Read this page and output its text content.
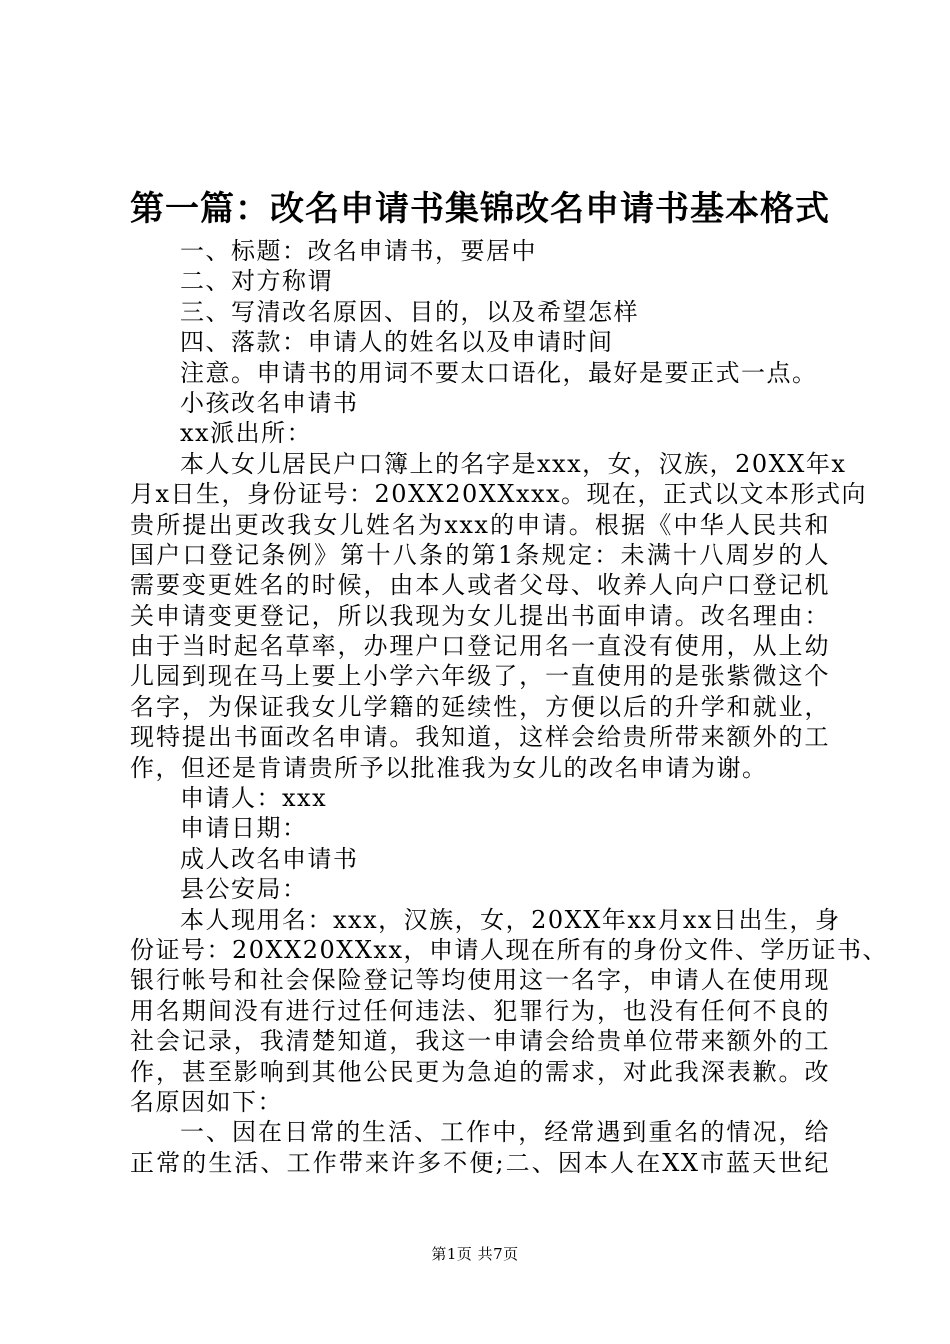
第一篇：改名申请书集锦改名申请书基本格式
一、标题：改名申请书，要居中
二、对方称谓
三、写清改名原因、目的，以及希望怎样
四、落款：申请人的姓名以及申请时间
注意。申请书的用词不要太口语化，最好是要正式一点。
小孩改名申请书
xx派出所：
本人女儿居民户口簿上的名字是xxx，女，汉族，20XX年x
月x日生，身份证号：20XX20XXxxx。现在，正式以文本形式向
贵所提出更改我女儿姓名为xxx的申请。根据《中华人民共和
国户口登记条例》第十八条的第1条规定：未满十八周岁的人
需要变更姓名的时候，由本人或者父母、收养人向户口登记机
关申请变更登记，所以我现为女儿提出书面申请。改名理由：
由于当时起名草率，办理户口登记用名一直没有使用，从上幼
儿园到现在马上要上小学六年级了，一直使用的是张紫微这个
名字，为保证我女儿学籍的延续性，方便以后的升学和就业，
现特提出书面改名申请。我知道，这样会给贵所带来额外的工
作，但还是肯请贵所予以批准我为女儿的改名申请为谢。
申请人：xxx
申请日期：
成人改名申请书
县公安局：
本人现用名：xxx，汉族，女，20XX年xx月xx日出生，身
份证号：20XX20XXxx，申请人现在所有的身份文件、学历证书、
银行帐号和社会保险登记等均使用这一名字，申请人在使用现
用名期间没有进行过任何违法、犯罪行为，也没有任何不良的
社会记录，我清楚知道，我这一申请会给贵单位带来额外的工
作，甚至影响到其他公民更为急迫的需求，对此我深表歉。改
名原因如下：
一、因在日常的生活、工作中，经常遇到重名的情况，给
正常的生活、工作带来许多不便;二、因本人在XX市蓝天世纪
第1页 共7页
